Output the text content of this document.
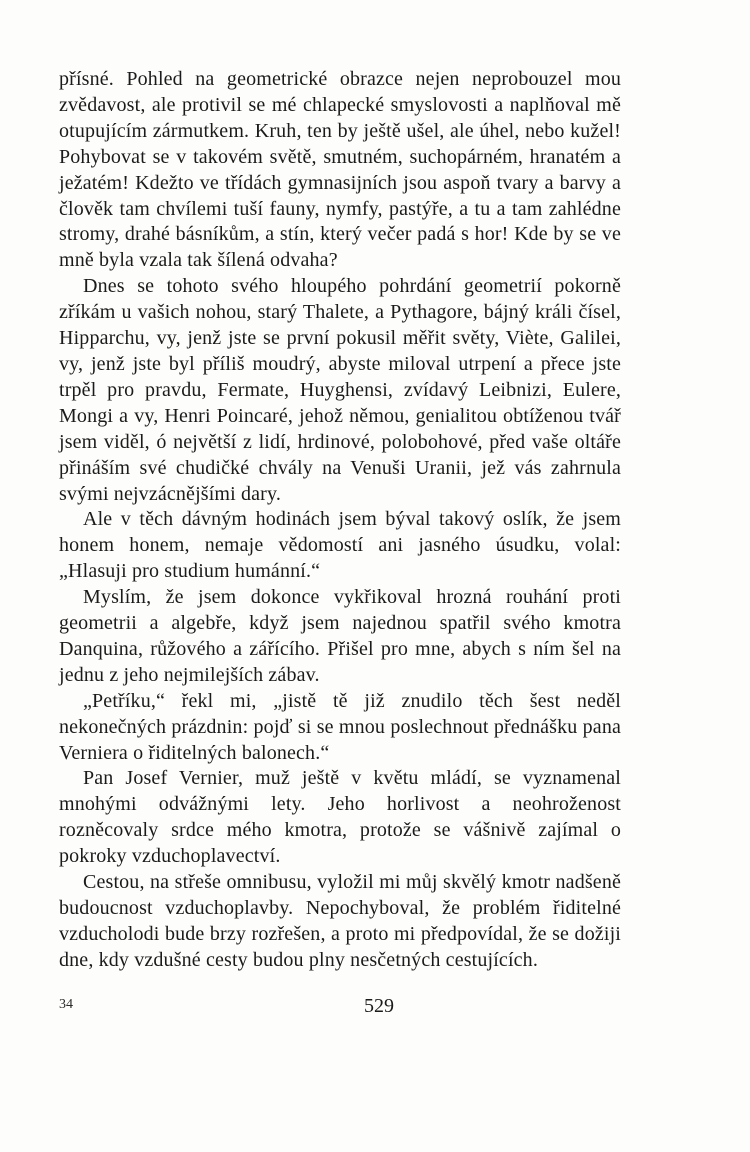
přísné. Pohled na geometrické obrazce nejen neprobouzel mou zvědavost, ale protivil se mé chlapecké smyslovosti a naplňoval mě otupujícím zármutkem. Kruh, ten by ještě ušel, ale úhel, nebo kužel! Pohybovat se v takovém světě, smutném, suchopárném, hranatém a ježatém! Kdežto ve třídách gymnasijních jsou aspoň tvary a barvy a člověk tam chvílemi tuší fauny, nymfy, pastýře, a tu a tam zahlédne stromy, drahé básníkům, a stín, který večer padá s hor! Kde by se ve mně byla vzala tak šílená odvaha?

Dnes se tohoto svého hloupého pohrdání geometrií pokorně zříkám u vašich nohou, starý Thalete, a Pythagore, bájný králi čísel, Hipparchu, vy, jenž jste se první pokusil měřit světy, Viète, Galilei, vy, jenž jste byl příliš moudrý, abyste miloval utrpení a přece jste trpěl pro pravdu, Fermate, Huyghensi, zvídavý Leibnizi, Eulere, Mongi a vy, Henri Poincaré, jehož němou, genialitou obtíženou tvář jsem viděl, ó největší z lidí, hrdinové, polobohové, před vaše oltáře přináším své chudičké chvály na Venuši Uranii, jež vás zahrnula svými nejvzácnějšími dary.

Ale v těch dávným hodinách jsem býval takový oslík, že jsem honem honem, nemaje vědomostí ani jasného úsudku, volal: „Hlasuji pro studium humánní.“

Myslím, že jsem dokonce vykřikoval hrozná rouhání proti geometrii a algebře, když jsem najednou spatřil svého kmotra Danquina, růžového a zářícího. Přišel pro mne, abych s ním šel na jednu z jeho nejmilejších zábav.

„Petříku,“ řekl mi, „jistě tě již znudilo těch šest neděl nekonečných prázdnin: pojď si se mnou poslechnout přednášku pana Verniera o řiditelných balonech.“

Pan Josef Vernier, muž ještě v květu mládí, se vyznamenal mnohými odvážnými lety. Jeho horlivost a neohroženost rozněcovaly srdce mého kmotra, protože se vášnivě zajímal o pokroky vzduchoplavectví.

Cestou, na střeše omnibusu, vyložil mi můj skvělý kmotr nadšeně budoucnost vzduchoplavby. Nepochyboval, že problém řiditelné vzducholodi bude brzy rozřešen, a proto mi předpovídal, že se dožiji dne, kdy vzdušné cesty budou plny nesčetných cestujících.

34	529
